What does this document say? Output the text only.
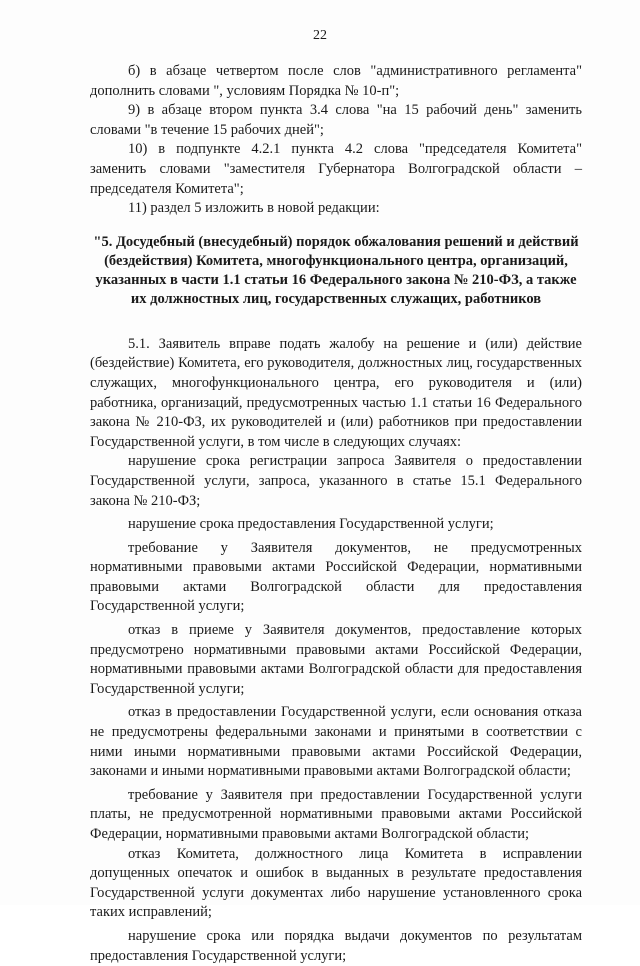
22

б) в абзаце четвертом после слов "административного регламента" дополнить словами ", условиям Порядка № 10-п";

9) в абзаце втором пункта 3.4 слова "на 15 рабочий день" заменить словами "в течение 15 рабочих дней";

10) в подпункте 4.2.1 пункта 4.2 слова "председателя Комитета" заменить словами "заместителя Губернатора Волгоградской области – председателя Комитета";

11) раздел 5 изложить в новой редакции:

"5. Досудебный (внесудебный) порядок обжалования решений и действий (бездействия) Комитета, многофункционального центра, организаций, указанных в части 1.1 статьи 16 Федерального закона № 210-ФЗ, а также их должностных лиц, государственных служащих, работников

5.1. Заявитель вправе подать жалобу на решение и (или) действие (бездействие) Комитета, его руководителя, должностных лиц, государственных служащих, многофункционального центра, его руководителя и (или) работника, организаций, предусмотренных частью 1.1 статьи 16 Федерального закона № 210-ФЗ, их руководителей и (или) работников при предоставлении Государственной услуги, в том числе в следующих случаях:

нарушение срока регистрации запроса Заявителя о предоставлении Государственной услуги, запроса, указанного в статье 15.1 Федерального закона № 210-ФЗ;

нарушение срока предоставления Государственной услуги;

требование у Заявителя документов, не предусмотренных нормативными правовыми актами Российской Федерации, нормативными правовыми актами Волгоградской области для предоставления Государственной услуги;

отказ в приеме у Заявителя документов, предоставление которых предусмотрено нормативными правовыми актами Российской Федерации, нормативными правовыми актами Волгоградской области для предоставления Государственной услуги;

отказ в предоставлении Государственной услуги, если основания отказа не предусмотрены федеральными законами и принятыми в соответствии с ними иными нормативными правовыми актами Российской Федерации, законами и иными нормативными правовыми актами Волгоградской области;

требование у Заявителя при предоставлении Государственной услуги платы, не предусмотренной нормативными правовыми актами Российской Федерации, нормативными правовыми актами Волгоградской области;

отказ Комитета, должностного лица Комитета в исправлении допущенных опечаток и ошибок в выданных в результате предоставления Государственной услуги документах либо нарушение установленного срока таких исправлений;

нарушение срока или порядка выдачи документов по результатам предоставления Государственной услуги;
